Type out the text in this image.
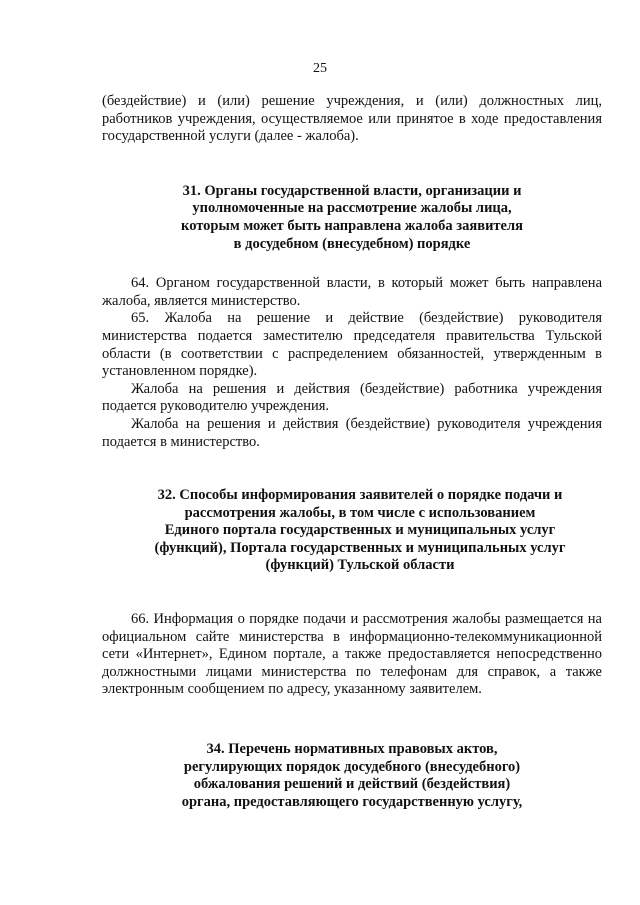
25

(бездействие) и (или) решение учреждения, и (или) должностных лиц, работников учреждения, осуществляемое или принятое в ходе предоставления государственной услуги (далее - жалоба).

31. Органы государственной власти, организации и
уполномоченные на рассмотрение жалобы лица,
которым может быть направлена жалоба заявителя
в досудебном (внесудебном) порядке

64. Органом государственной власти, в который может быть направлена жалоба, является министерство.

65. Жалоба на решение и действие (бездействие) руководителя министерства подается заместителю председателя правительства Тульской области (в соответствии с распределением обязанностей, утвержденным в установленном порядке).

Жалоба на решения и действия (бездействие) работника учреждения подается руководителю учреждения.

Жалоба на решения и действия (бездействие) руководителя учреждения подается в министерство.

32. Способы информирования заявителей о порядке подачи и
рассмотрения жалобы, в том числе с использованием
Единого портала государственных и муниципальных услуг
(функций), Портала государственных и муниципальных услуг
(функций) Тульской области

66. Информация о порядке подачи и рассмотрения жалобы размещается на официальном сайте министерства в информационно-телекоммуникационной сети «Интернет», Едином портале, а также предоставляется непосредственно должностными лицами министерства по телефонам для справок, а также электронным сообщением по адресу, указанному заявителем.

34. Перечень нормативных правовых актов,
регулирующих порядок досудебного (внесудебного)
обжалования решений и действий (бездействия)
органа, предоставляющего государственную услугу,
